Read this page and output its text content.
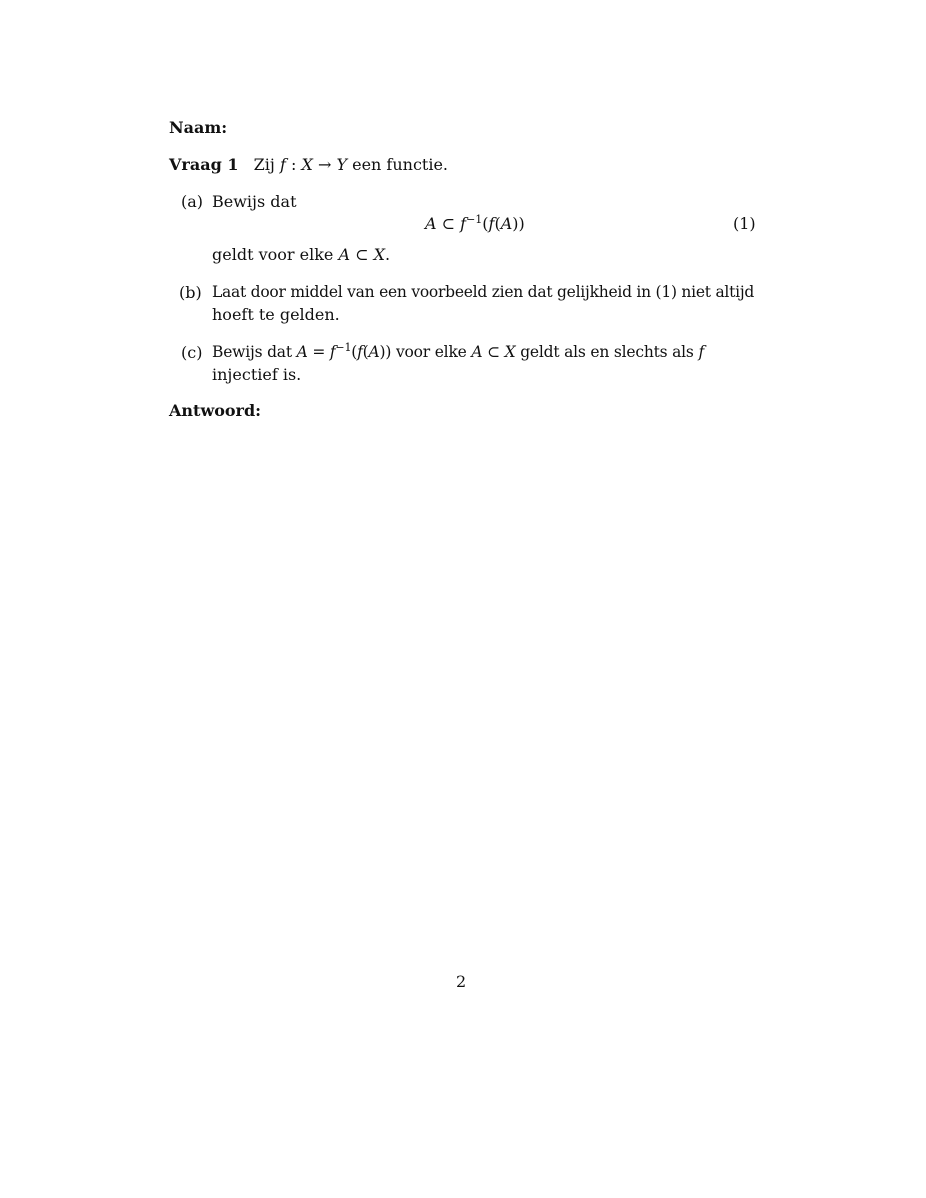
Naam:
Vraag 1 Zij f : X → Y een functie.
(a) Bewijs dat
A ⊂ $f^{-1}(f(A))$	(1)
geldt voor elke A ⊂ X.
(b) Laat door middel van een voorbeeld zien dat gelijkheid in (1) niet altijd
hoeft te gelden.
(c) Bewijs dat $A = f^{-1}(f(A))$ voor elke A ⊂ X geldt als en slechts als f
injectief is.
Antwoord:
2
